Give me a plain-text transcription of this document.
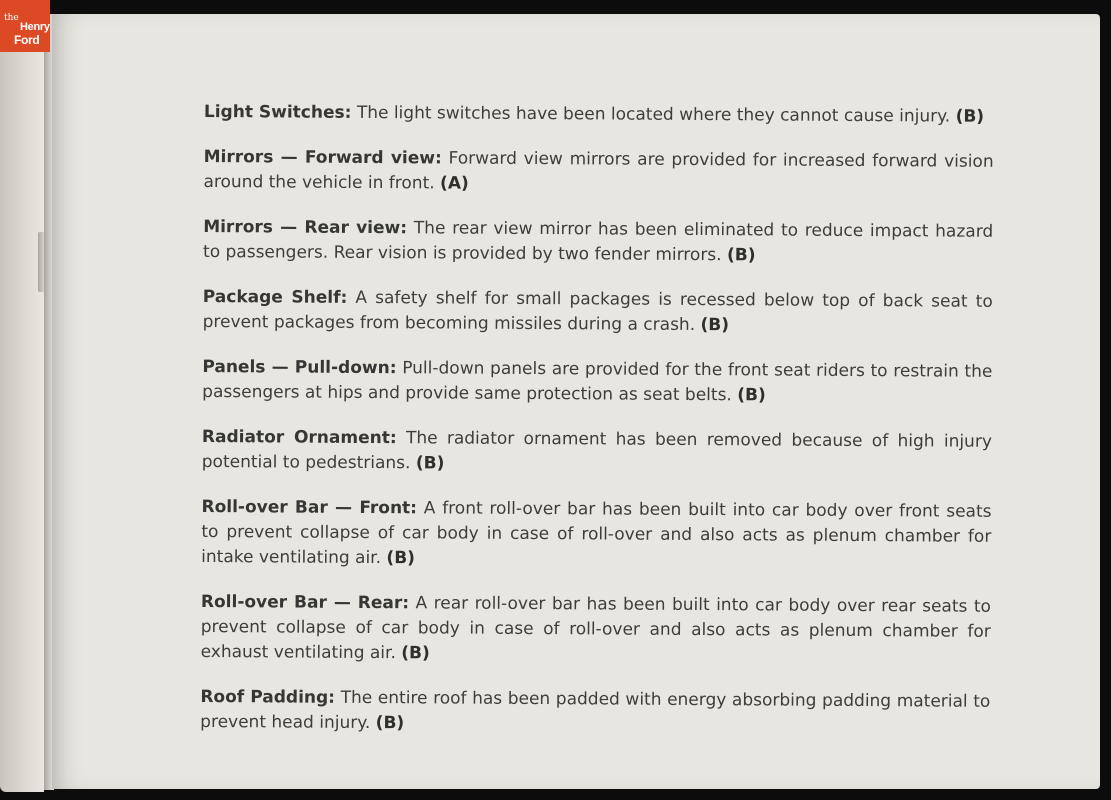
Light Switches: The light switches have been located where they cannot cause injury. (B)

Mirrors — Forward view: Forward view mirrors are provided for increased forward vision around the vehicle in front. (A)

Mirrors — Rear view: The rear view mirror has been eliminated to reduce impact hazard to passengers. Rear vision is provided by two fender mirrors. (B)

Package Shelf: A safety shelf for small packages is recessed below top of back seat to prevent packages from becoming missiles during a crash. (B)

Panels — Pull-down: Pull-down panels are provided for the front seat riders to restrain the passengers at hips and provide same protection as seat belts. (B)

Radiator Ornament: The radiator ornament has been removed because of high injury potential to pedestrians. (B)

Roll-over Bar — Front: A front roll-over bar has been built into car body over front seats to prevent collapse of car body in case of roll-over and also acts as plenum chamber for intake ventilating air. (B)

Roll-over Bar — Rear: A rear roll-over bar has been built into car body over rear seats to prevent collapse of car body in case of roll-over and also acts as plenum chamber for exhaust ventilating air. (B)

Roof Padding: The entire roof has been padded with energy absorbing padding material to prevent head injury. (B)

the
Henry
Ford
